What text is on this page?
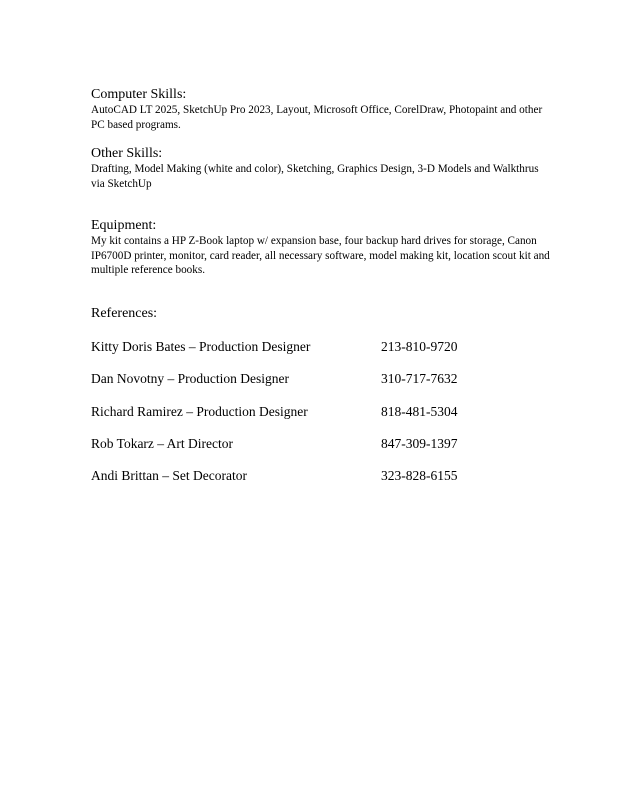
Computer Skills:

AutoCAD LT 2025, SketchUp Pro 2023, Layout, Microsoft Office, CorelDraw, Photopaint and other PC based programs.

Other Skills:

Drafting, Model Making (white and color), Sketching, Graphics Design, 3-D Models and Walkthrus via SketchUp

Equipment:

My kit contains a HP Z-Book laptop w/ expansion base, four backup hard drives for storage, Canon IP6700D printer, monitor, card reader, all necessary software, model making kit, location scout kit and multiple reference books.

References:
Kitty Doris Bates – Production Designer	213-810-9720
Dan Novotny – Production Designer	310-717-7632
Richard Ramirez – Production Designer	818-481-5304
Rob Tokarz – Art Director	847-309-1397
Andi Brittan – Set Decorator	323-828-6155
